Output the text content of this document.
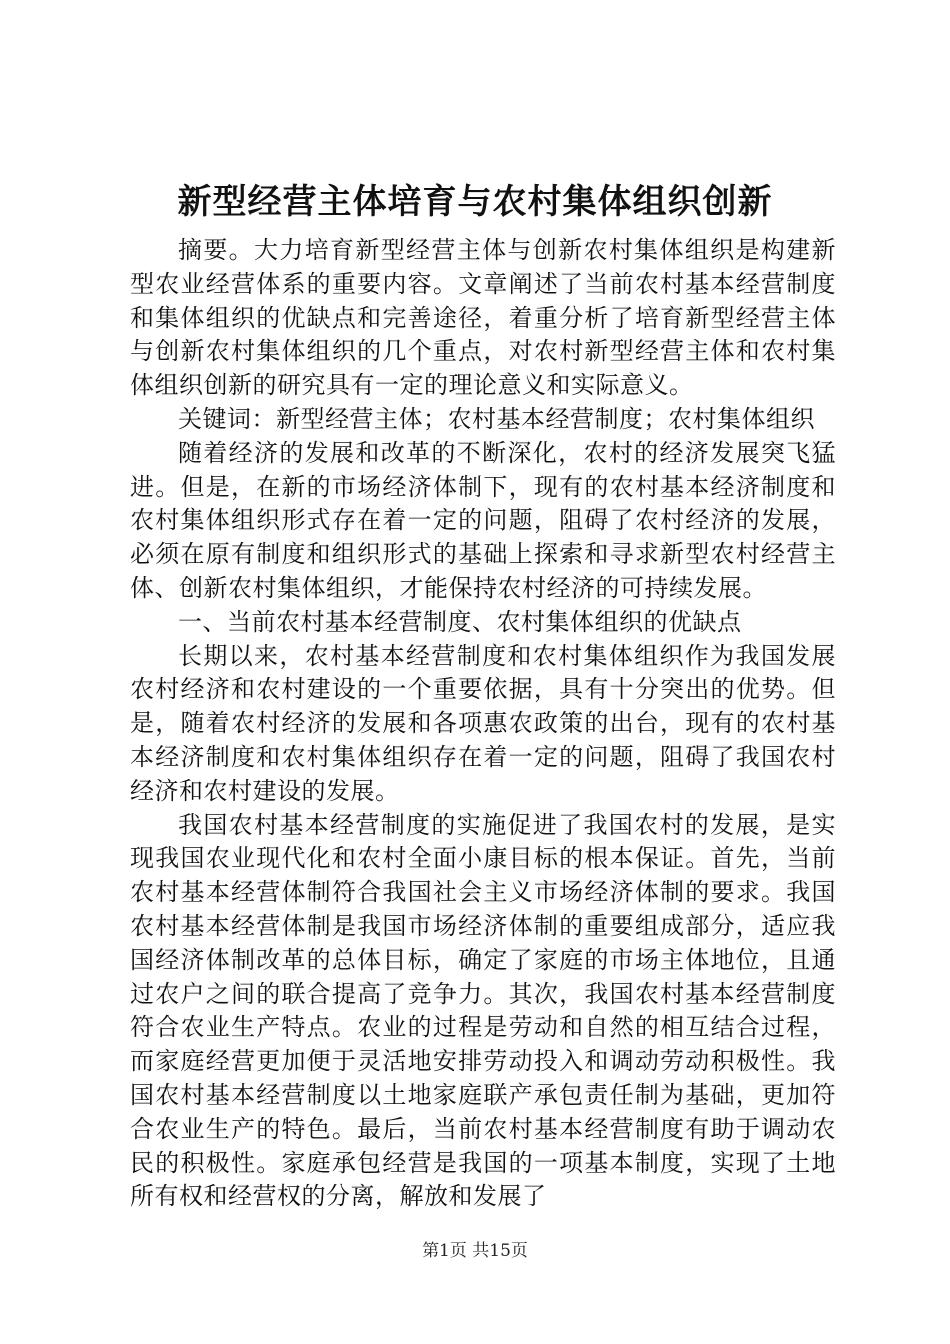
新型经营主体培育与农村集体组织创新

摘要。大力培育新型经营主体与创新农村集体组织是构建新型农业经营体系的重要内容。文章阐述了当前农村基本经营制度和集体组织的优缺点和完善途径，着重分析了培育新型经营主体与创新农村集体组织的几个重点，对农村新型经营主体和农村集体组织创新的研究具有一定的理论意义和实际意义。

关键词：新型经营主体；农村基本经营制度；农村集体组织

随着经济的发展和改革的不断深化，农村的经济发展突飞猛进。但是，在新的市场经济体制下，现有的农村基本经济制度和农村集体组织形式存在着一定的问题，阻碍了农村经济的发展，必须在原有制度和组织形式的基础上探索和寻求新型农村经营主体、创新农村集体组织，才能保持农村经济的可持续发展。

一、当前农村基本经营制度、农村集体组织的优缺点

长期以来，农村基本经营制度和农村集体组织作为我国发展农村经济和农村建设的一个重要依据，具有十分突出的优势。但是，随着农村经济的发展和各项惠农政策的出台，现有的农村基本经济制度和农村集体组织存在着一定的问题，阻碍了我国农村经济和农村建设的发展。

我国农村基本经营制度的实施促进了我国农村的发展，是实现我国农业现代化和农村全面小康目标的根本保证。首先，当前农村基本经营体制符合我国社会主义市场经济体制的要求。我国农村基本经营体制是我国市场经济体制的重要组成部分，适应我国经济体制改革的总体目标，确定了家庭的市场主体地位，且通过农户之间的联合提高了竞争力。其次，我国农村基本经营制度符合农业生产特点。农业的过程是劳动和自然的相互结合过程，而家庭经营更加便于灵活地安排劳动投入和调动劳动积极性。我国农村基本经营制度以土地家庭联产承包责任制为基础，更加符合农业生产的特色。最后，当前农村基本经营制度有助于调动农民的积极性。家庭承包经营是我国的一项基本制度，实现了土地所有权和经营权的分离，解放和发展了

第1页 共15页
